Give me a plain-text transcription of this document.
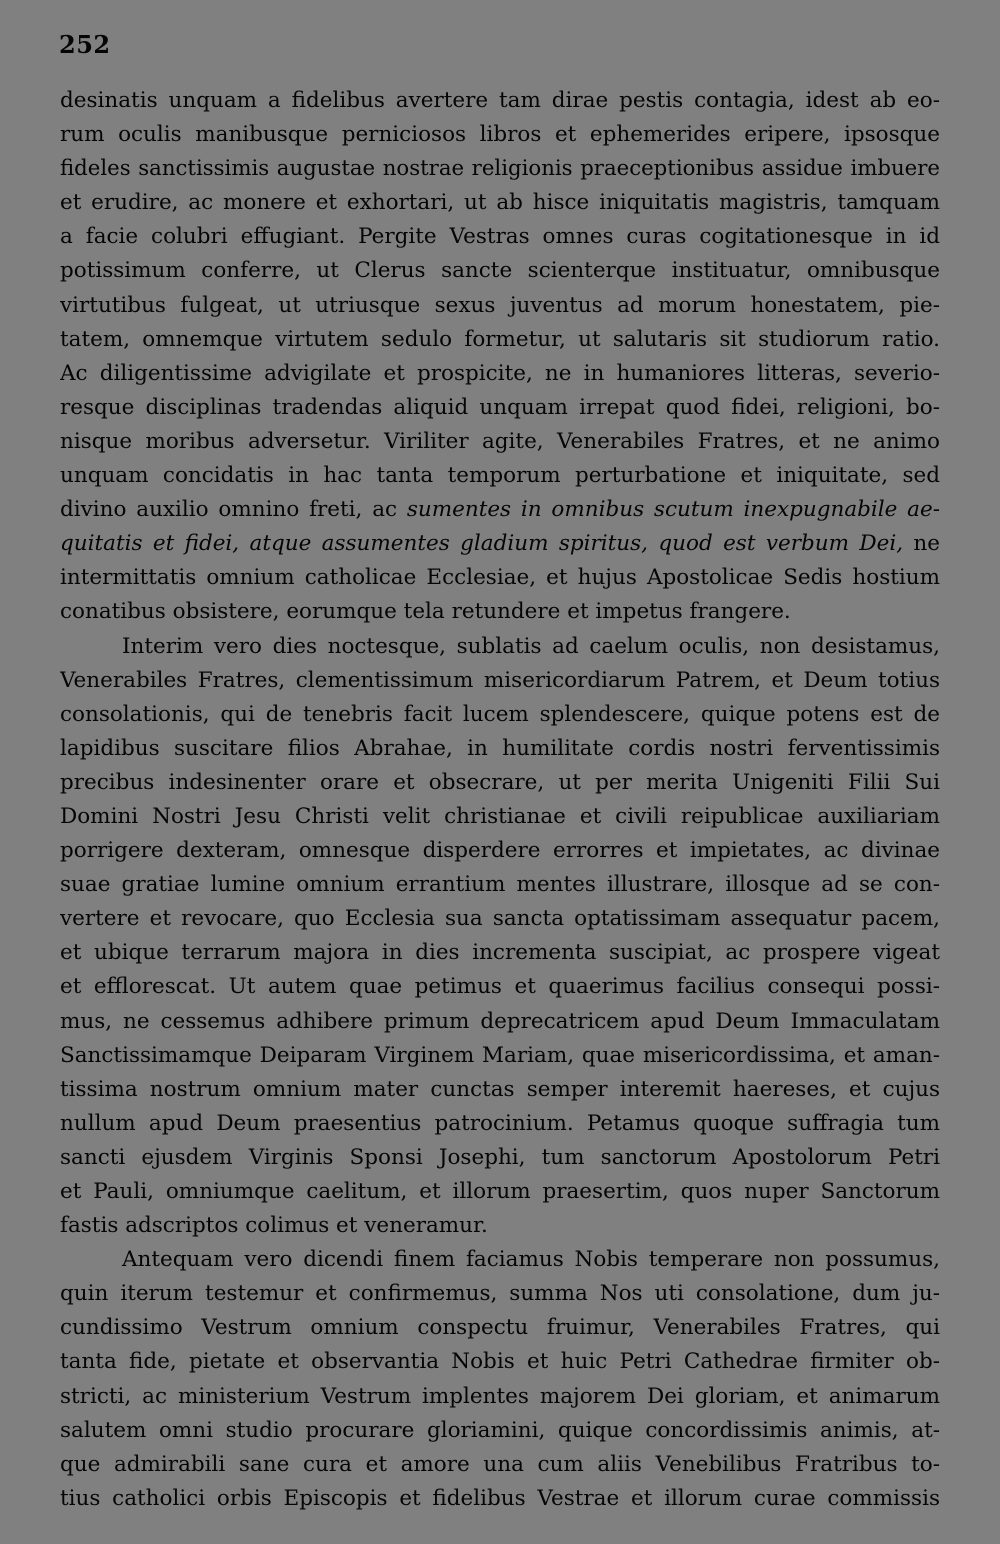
252
desinatis unquam a fidelibus avertere tam dirae pestis contagia, idest ab eo-
rum oculis manibusque perniciosos libros et ephemerides eripere, ipsosque
fideles sanctissimis augustae nostrae religionis praeceptionibus assidue imbuere
et erudire, ac monere et exhortari, ut ab hisce iniquitatis magistris, tamquam
a facie colubri effugiant. Pergite Vestras omnes curas cogitationesque in id
potissimum conferre, ut Clerus sancte scienterque instituatur, omnibusque
virtutibus fulgeat, ut utriusque sexus juventus ad morum honestatem, pie-
tatem, omnemque virtutem sedulo formetur, ut salutaris sit studiorum ratio.
Ac diligentissime advigilate et prospicite, ne in humaniores litteras, severio-
resque disciplinas tradendas aliquid unquam irrepat quod fidei, religioni, bo-
nisque moribus adversetur. Viriliter agite, Venerabiles Fratres, et ne animo
unquam concidatis in hac tanta temporum perturbatione et iniquitate, sed
divino auxilio omnino freti, ac sumentes in omnibus scutum inexpugnabile ae-
quitatis et fidei, atque assumentes gladium spiritus, quod est verbum Dei, ne
intermittatis omnium catholicae Ecclesiae, et hujus Apostolicae Sedis hostium
conatibus obsistere, eorumque tela retundere et impetus frangere.
Interim vero dies noctesque, sublatis ad caelum oculis, non desistamus,
Venerabiles Fratres, clementissimum misericordiarum Patrem, et Deum totius
consolationis, qui de tenebris facit lucem splendescere, quique potens est de
lapidibus suscitare filios Abrahae, in humilitate cordis nostri ferventissimis
precibus indesinenter orare et obsecrare, ut per merita Unigeniti Filii Sui
Domini Nostri Jesu Christi velit christianae et civili reipublicae auxiliariam
porrigere dexteram, omnesque disperdere errorres et impietates, ac divinae
suae gratiae lumine omnium errantium mentes illustrare, illosque ad se con-
vertere et revocare, quo Ecclesia sua sancta optatissimam assequatur pacem,
et ubique terrarum majora in dies incrementa suscipiat, ac prospere vigeat
et efflorescat. Ut autem quae petimus et quaerimus facilius consequi possi-
mus, ne cessemus adhibere primum deprecatricem apud Deum Immaculatam
Sanctissimamque Deiparam Virginem Mariam, quae misericordissima, et aman-
tissima nostrum omnium mater cunctas semper interemit haereses, et cujus
nullum apud Deum praesentius patrocinium. Petamus quoque suffragia tum
sancti ejusdem Virginis Sponsi Josephi, tum sanctorum Apostolorum Petri
et Pauli, omniumque caelitum, et illorum praesertim, quos nuper Sanctorum
fastis adscriptos colimus et veneramur.
Antequam vero dicendi finem faciamus Nobis temperare non possumus,
quin iterum testemur et confirmemus, summa Nos uti consolatione, dum ju-
cundissimo Vestrum omnium conspectu fruimur, Venerabiles Fratres, qui
tanta fide, pietate et observantia Nobis et huic Petri Cathedrae firmiter ob-
stricti, ac ministerium Vestrum implentes majorem Dei gloriam, et animarum
salutem omni studio procurare gloriamini, quique concordissimis animis, at-
que admirabili sane cura et amore una cum aliis Venebilibus Fratribus to-
tius catholici orbis Episcopis et fidelibus Vestrae et illorum curae commissis
